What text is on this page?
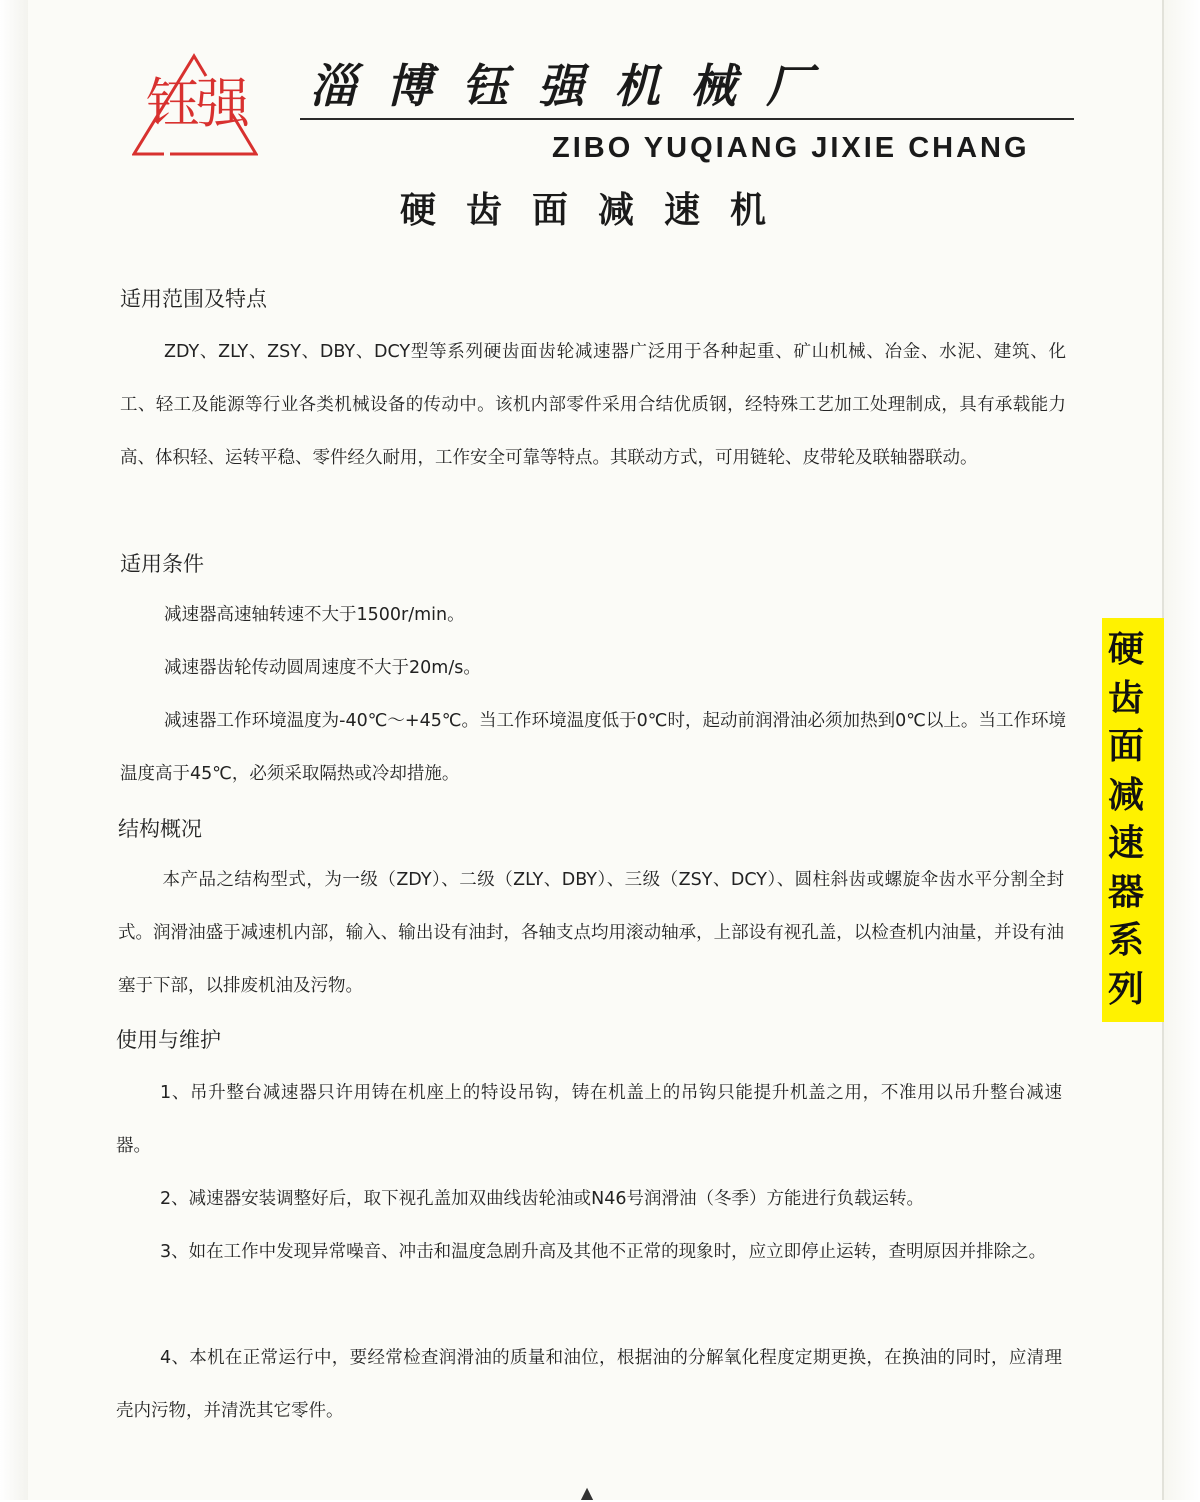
钰强 淄博钰强机械厂
ZIBO YUQIANG JIXIE CHANG
硬齿面减速机
适用范围及特点
ZDY、ZLY、ZSY、DBY、DCY型等系列硬齿面齿轮减速器广泛用于各种起重、矿山机械、冶金、水泥、建筑、化工、轻工及能源等行业各类机械设备的传动中。该机内部零件采用合结优质钢，经特殊工艺加工处理制成，具有承载能力高、体积轻、运转平稳、零件经久耐用，工作安全可靠等特点。其联动方式，可用链轮、皮带轮及联轴器联动。
适用条件
减速器高速轴转速不大于1500r/min。
减速器齿轮传动圆周速度不大于20m/s。
减速器工作环境温度为-40℃～+45℃。当工作环境温度低于0℃时，起动前润滑油必须加热到0℃以上。当工作环境温度高于45℃，必须采取隔热或冷却措施。
结构概况
本产品之结构型式，为一级（ZDY）、二级（ZLY、DBY）、三级（ZSY、DCY）、圆柱斜齿或螺旋伞齿水平分割全封式。润滑油盛于减速机内部，输入、输出设有油封，各轴支点均用滚动轴承，上部设有视孔盖，以检查机内油量，并设有油塞于下部，以排废机油及污物。
使用与维护
1、吊升整台减速器只许用铸在机座上的特设吊钩，铸在机盖上的吊钩只能提升机盖之用，不准用以吊升整台减速器。
2、减速器安装调整好后，取下视孔盖加双曲线齿轮油或N46号润滑油（冬季）方能进行负载运转。
3、如在工作中发现异常噪音、冲击和温度急剧升高及其他不正常的现象时，应立即停止运转，查明原因并排除之。
4、本机在正常运行中，要经常检查润滑油的质量和油位，根据油的分解氧化程度定期更换，在换油的同时，应清理壳内污物，并清洗其它零件。
硬齿面减速器系列
▲
